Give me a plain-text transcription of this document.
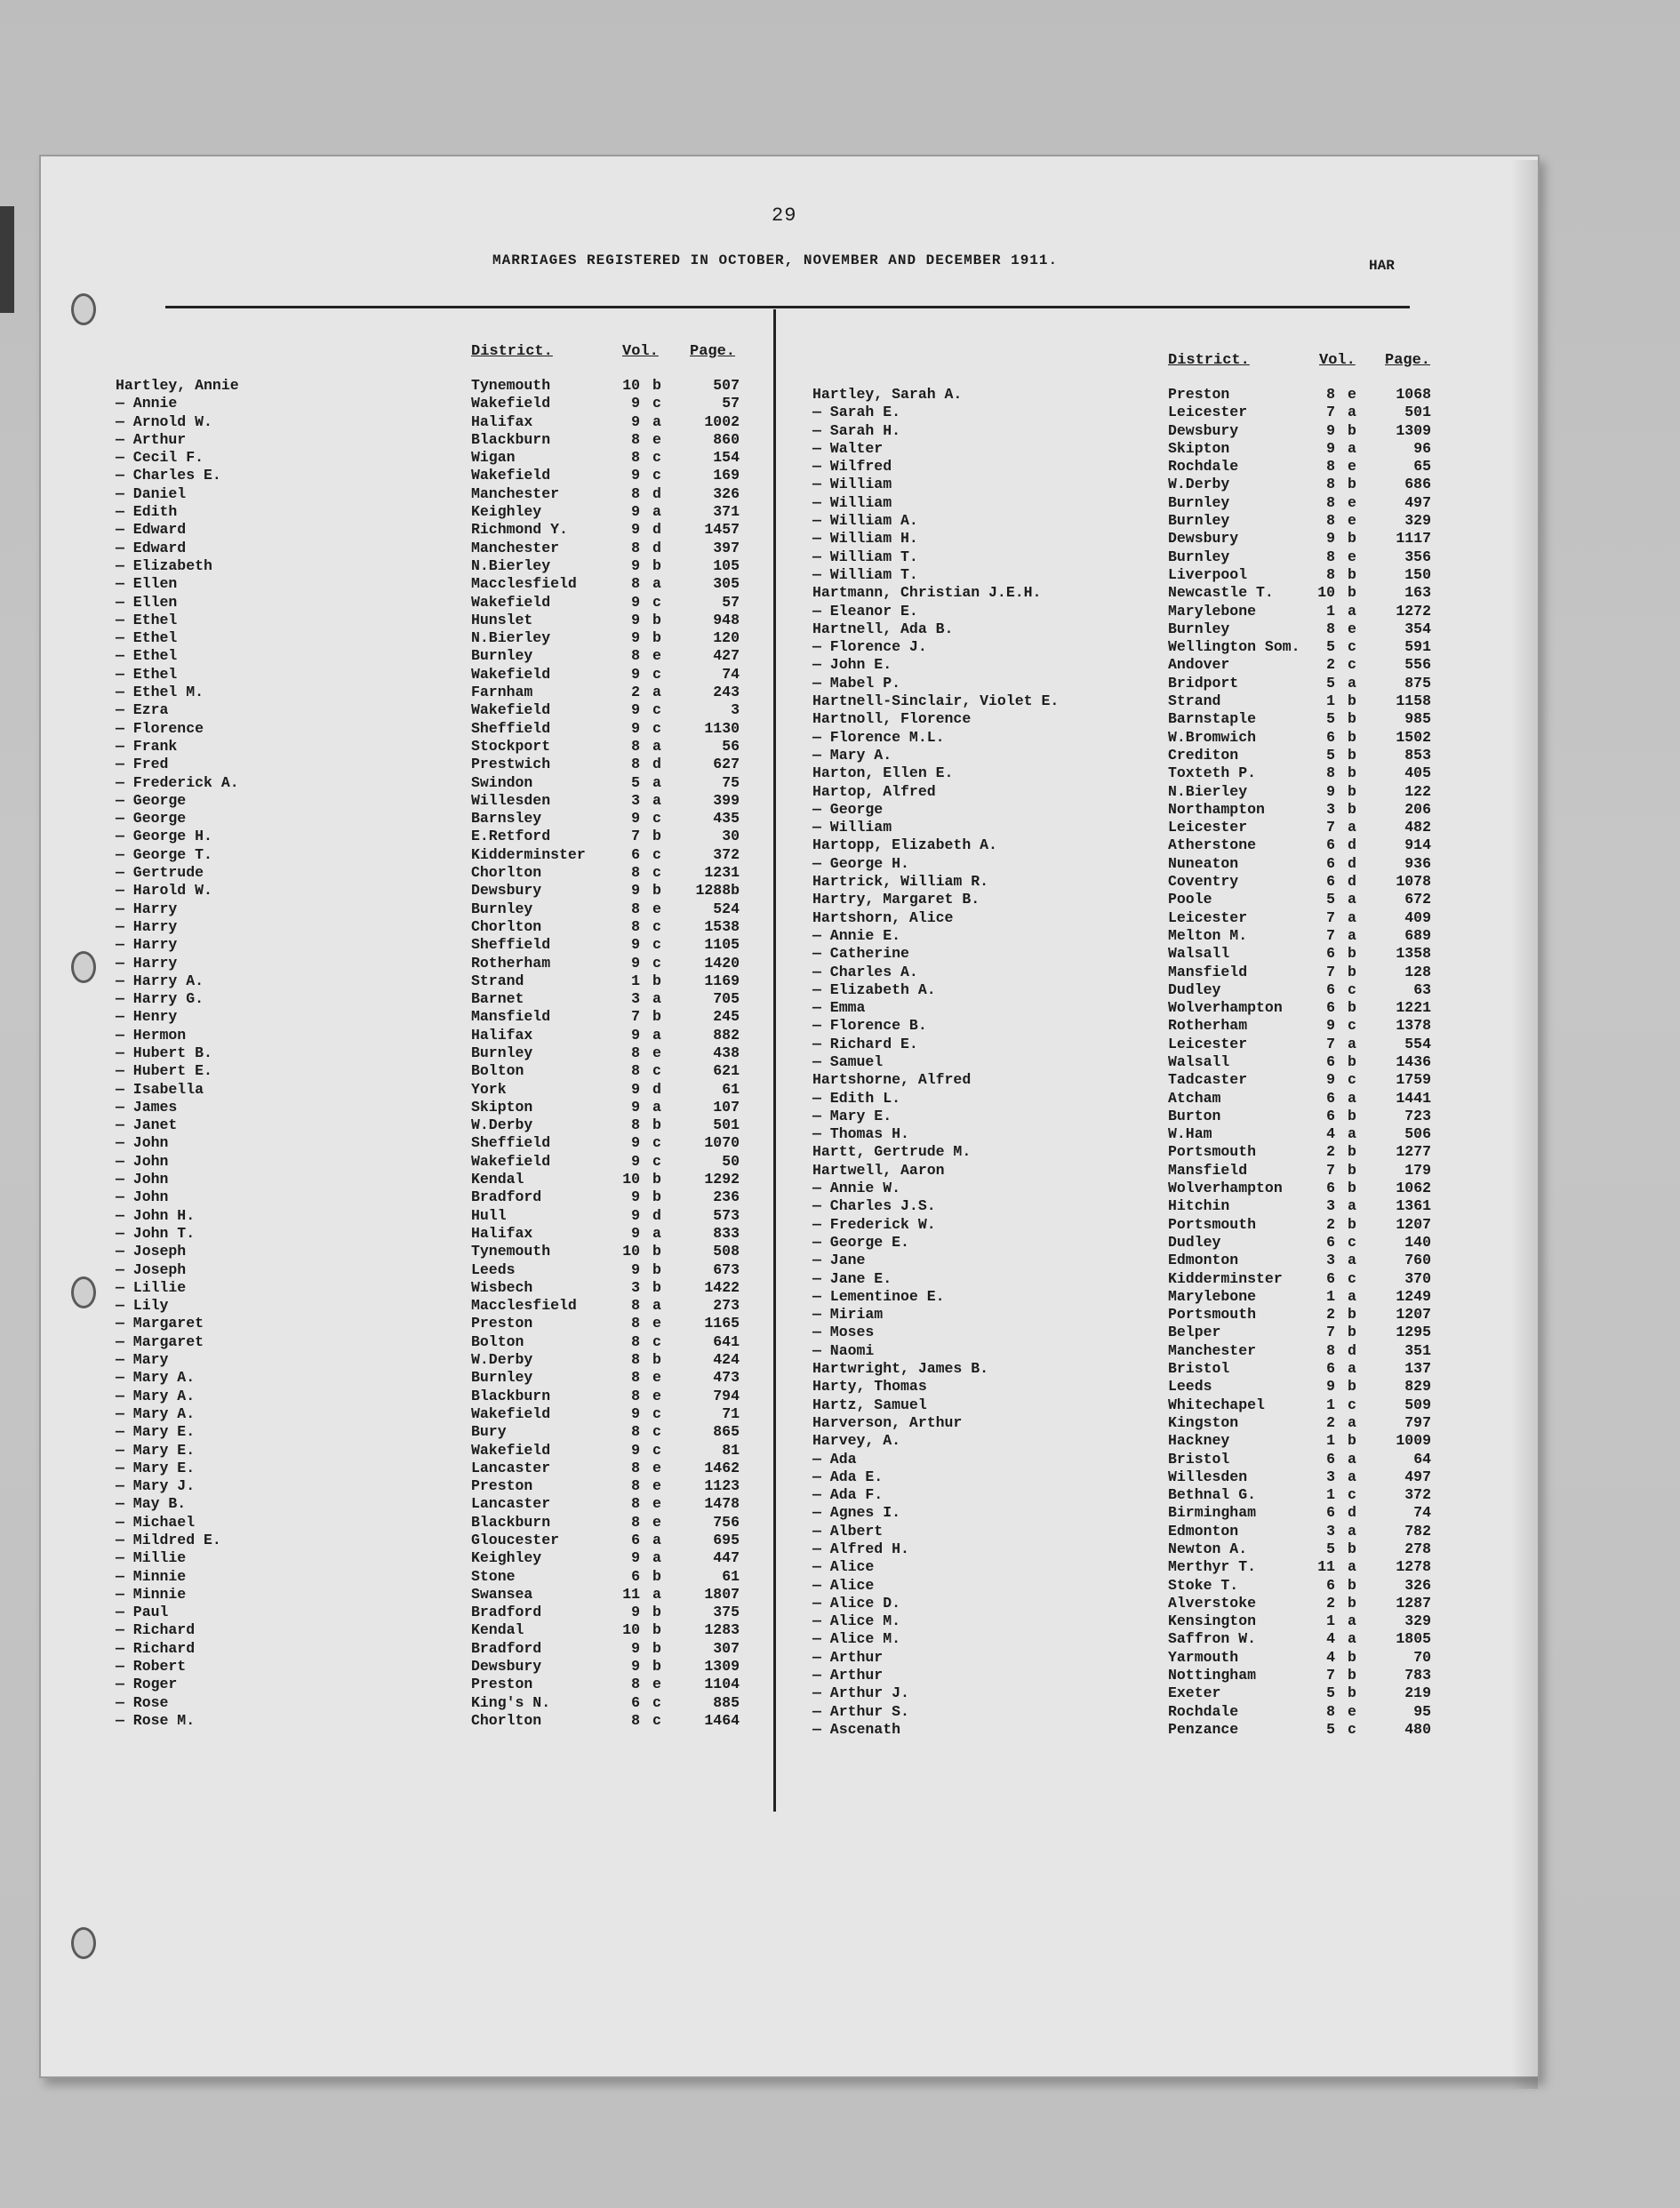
29
MARRIAGES REGISTERED IN OCTOBER, NOVEMBER AND DECEMBER 1911.	HAR
District.	Vol. Page.
District.	Vol. Page.
Hartley, Annie	Tynemouth	10 b	507
— Annie	Wakefield	9 c	57
— Arnold W.	Halifax	9 a	1002
— Arthur	Blackburn	8 e	860
— Cecil F.	Wigan	8 c	154
— Charles E.	Wakefield	9 c	169
— Daniel	Manchester	8 d	326
— Edith	Keighley	9 a	371
— Edward	Richmond Y.	9 d	1457
— Edward	Manchester	8 d	397
— Elizabeth	N.Bierley	9 b	105
— Ellen	Macclesfield	8 a	305
— Ellen	Wakefield	9 c	57
— Ethel	Hunslet	9 b	948
— Ethel	N.Bierley	9 b	120
— Ethel	Burnley	8 e	427
— Ethel	Wakefield	9 c	74
— Ethel M.	Farnham	2 a	243
— Ezra	Wakefield	9 c	3
— Florence	Sheffield	9 c	1130
— Frank	Stockport	8 a	56
— Fred	Prestwich	8 d	627
— Frederick A.	Swindon	5 a	75
— George	Willesden	3 a	399
— George	Barnsley	9 c	435
— George H.	E.Retford	7 b	30
— George T.	Kidderminster	6 c	372
— Gertrude	Chorlton	8 c	1231
— Harold W.	Dewsbury	9 b	1288b
— Harry	Burnley	8 e	524
— Harry	Chorlton	8 c	1538
— Harry	Sheffield	9 c	1105
— Harry	Rotherham	9 c	1420
— Harry A.	Strand	1 b	1169
— Harry G.	Barnet	3 a	705
— Henry	Mansfield	7 b	245
— Hermon	Halifax	9 a	882
— Hubert B.	Burnley	8 e	438
— Hubert E.	Bolton	8 c	621
— Isabella	York	9 d	61
— James	Skipton	9 a	107
— Janet	W.Derby	8 b	501
— John	Sheffield	9 c	1070
— John	Wakefield	9 c	50
— John	Kendal	10 b	1292
— John	Bradford	9 b	236
— John H.	Hull	9 d	573
— John T.	Halifax	9 a	833
— Joseph	Tynemouth	10 b	508
— Joseph	Leeds	9 b	673
— Lillie	Wisbech	3 b	1422
— Lily	Macclesfield	8 a	273
— Margaret	Preston	8 e	1165
— Margaret	Bolton	8 c	641
— Mary	W.Derby	8 b	424
— Mary A.	Burnley	8 e	473
— Mary A.	Blackburn	8 e	794
— Mary A.	Wakefield	9 c	71
— Mary E.	Bury	8 c	865
— Mary E.	Wakefield	9 c	81
— Mary E.	Lancaster	8 e	1462
— Mary J.	Preston	8 e	1123
— May B.	Lancaster	8 e	1478
— Michael	Blackburn	8 e	756
— Mildred E.	Gloucester	6 a	695
— Millie	Keighley	9 a	447
— Minnie	Stone	6 b	61
— Minnie	Swansea	11 a	1807
— Paul	Bradford	9 b	375
— Richard	Kendal	10 b	1283
— Richard	Bradford	9 b	307
— Robert	Dewsbury	9 b	1309
— Roger	Preston	8 e	1104
— Rose	King's N.	6 c	885
— Rose M.	Chorlton	8 c	1464
Hartley, Sarah A.	Preston	8 e	1068
— Sarah E.	Leicester	7 a	501
— Sarah H.	Dewsbury	9 b	1309
— Walter	Skipton	9 a	96
— Wilfred	Rochdale	8 e	65
— William	W.Derby	8 b	686
— William	Burnley	8 e	497
— William A.	Burnley	8 e	329
— William H.	Dewsbury	9 b	1117
— William T.	Burnley	8 e	356
— William T.	Liverpool	8 b	150
Hartmann, Christian J.E.H.	Newcastle T.	10 b	163
— Eleanor E.	Marylebone	1 a	1272
Hartnell, Ada B.	Burnley	8 e	354
— Florence J.	Wellington Som.	5 c	591
— John E.	Andover	2 c	556
— Mabel P.	Bridport	5 a	875
Hartnell-Sinclair, Violet E.	Strand	1 b	1158
Hartnoll, Florence	Barnstaple	5 b	985
— Florence M.L.	W.Bromwich	6 b	1502
— Mary A.	Crediton	5 b	853
Harton, Ellen E.	Toxteth P.	8 b	405
Hartop, Alfred	N.Bierley	9 b	122
— George	Northampton	3 b	206
— William	Leicester	7 a	482
Hartopp, Elizabeth A.	Atherstone	6 d	914
— George H.	Nuneaton	6 d	936
Hartrick, William R.	Coventry	6 d	1078
Hartry, Margaret B.	Poole	5 a	672
Hartshorn, Alice	Leicester	7 a	409
— Annie E.	Melton M.	7 a	689
— Catherine	Walsall	6 b	1358
— Charles A.	Mansfield	7 b	128
— Elizabeth A.	Dudley	6 c	63
— Emma	Wolverhampton	6 b	1221
— Florence B.	Rotherham	9 c	1378
— Richard E.	Leicester	7 a	554
— Samuel	Walsall	6 b	1436
Hartshorne, Alfred	Tadcaster	9 c	1759
— Edith L.	Atcham	6 a	1441
— Mary E.	Burton	6 b	723
— Thomas H.	W.Ham	4 a	506
Hartt, Gertrude M.	Portsmouth	2 b	1277
Hartwell, Aaron	Mansfield	7 b	179
— Annie W.	Wolverhampton	6 b	1062
— Charles J.S.	Hitchin	3 a	1361
— Frederick W.	Portsmouth	2 b	1207
— George E.	Dudley	6 c	140
— Jane	Edmonton	3 a	760
— Jane E.	Kidderminster	6 c	370
— Lementinoe E.	Marylebone	1 a	1249
— Miriam	Portsmouth	2 b	1207
— Moses	Belper	7 b	1295
— Naomi	Manchester	8 d	351
Hartwright, James B.	Bristol	6 a	137
Harty, Thomas	Leeds	9 b	829
Hartz, Samuel	Whitechapel	1 c	509
Harverson, Arthur	Kingston	2 a	797
Harvey, A.	Hackney	1 b	1009
— Ada	Bristol	6 a	64
— Ada E.	Willesden	3 a	497
— Ada F.	Bethnal G.	1 c	372
— Agnes I.	Birmingham	6 d	74
— Albert	Edmonton	3 a	782
— Alfred H.	Newton A.	5 b	278
— Alice	Merthyr T.	11 a	1278
— Alice	Stoke T.	6 b	326
— Alice D.	Alverstoke	2 b	1287
— Alice M.	Kensington	1 a	329
— Alice M.	Saffron W.	4 a	1805
— Arthur	Yarmouth	4 b	70
— Arthur	Nottingham	7 b	783
— Arthur J.	Exeter	5 b	219
— Arthur S.	Rochdale	8 e	95
— Ascenath	Penzance	5 c	480
